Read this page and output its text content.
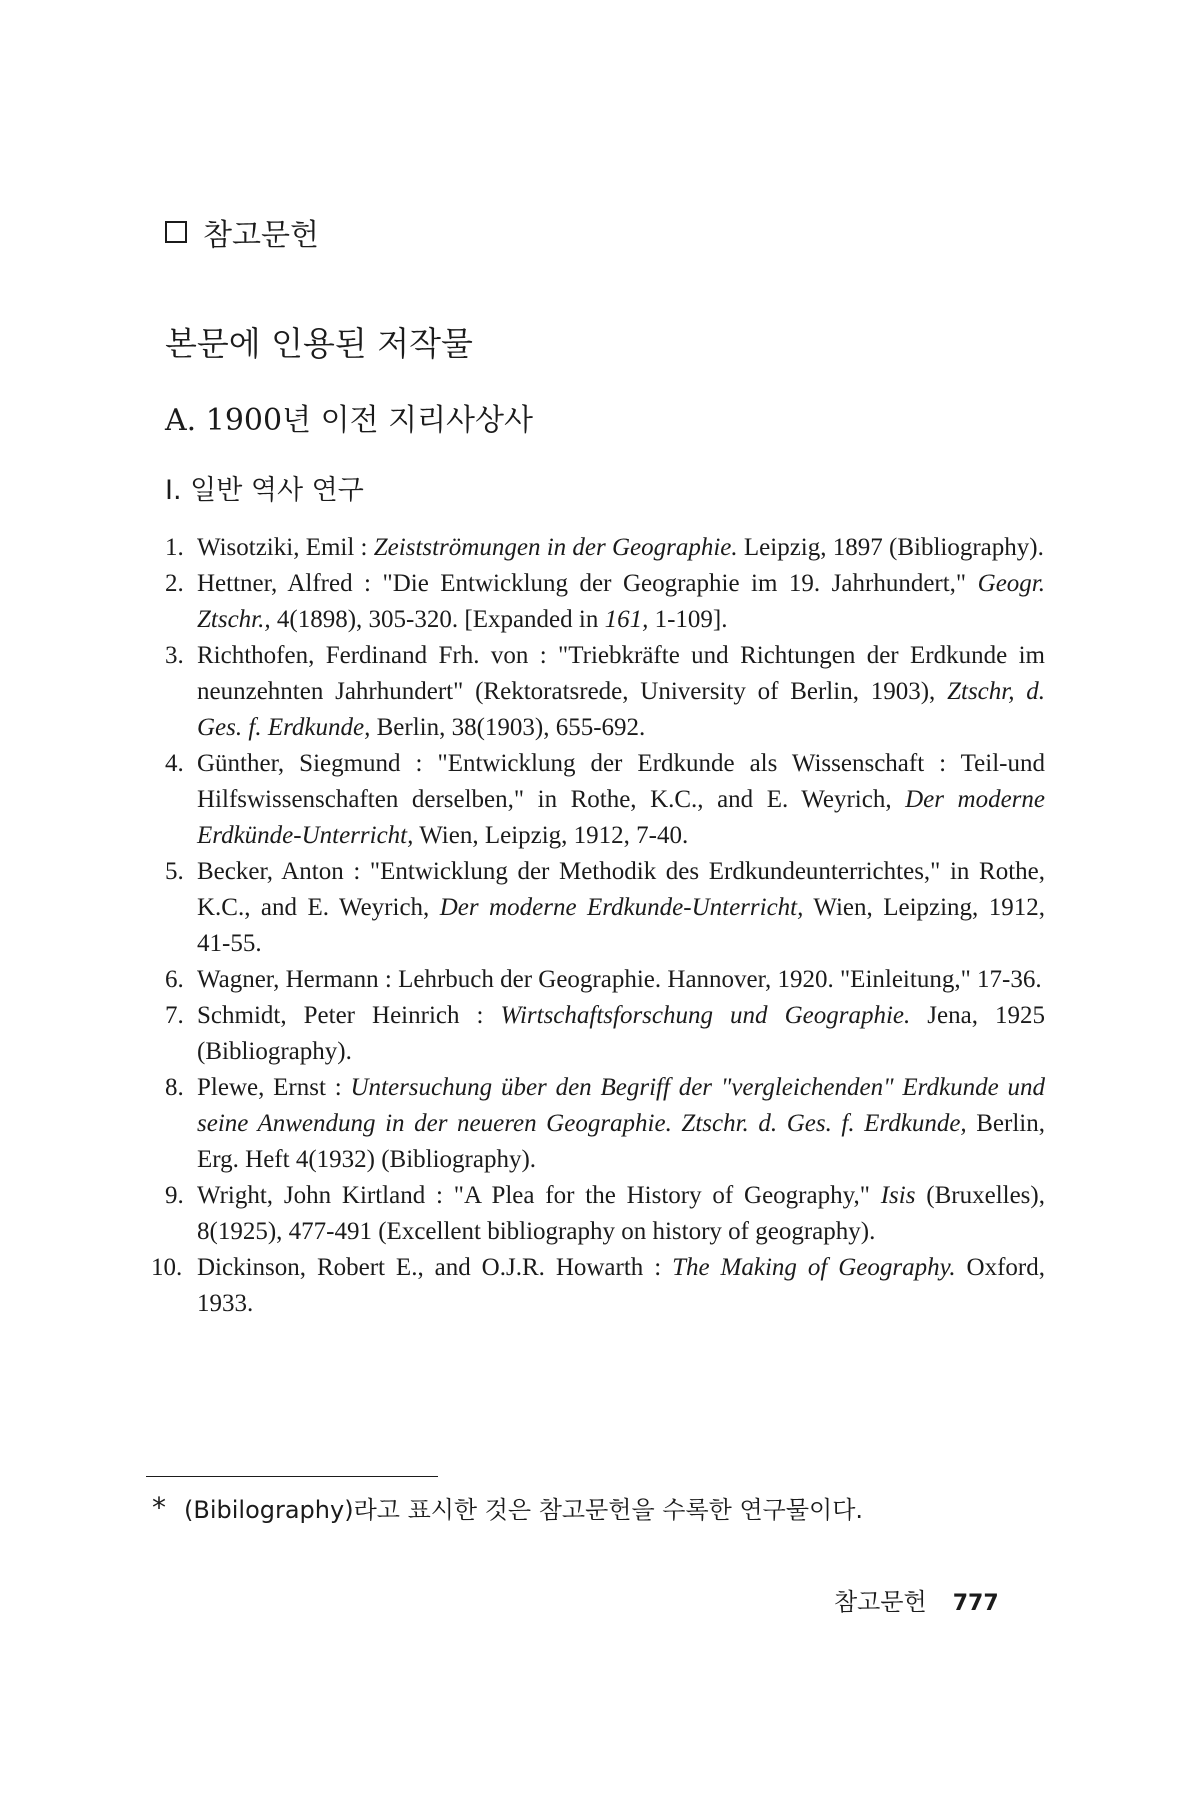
참고문헌
본문에 인용된 저작물
A. 1900년 이전 지리사상사
I. 일반 역사 연구
1. Wisotziki, Emil : Zeistströmungen in der Geographie. Leipzig, 1897 (Bibliography).
2. Hettner, Alfred : "Die Entwicklung der Geographie im 19. Jahrhundert," Geogr. Ztschr., 4(1898), 305-320. [Expanded in 161, 1-109].
3. Richthofen, Ferdinand Frh. von : "Triebkräfte und Richtungen der Erdkunde im neunzehnten Jahrhundert" (Rektoratsrede, University of Berlin, 1903), Ztschr, d. Ges. f. Erdkunde, Berlin, 38(1903), 655-692.
4. Günther, Siegmund : "Entwicklung der Erdkunde als Wissenschaft : Teil-und Hilfswissenschaften derselben," in Rothe, K.C., and E. Weyrich, Der moderne Erdkünde-Unterricht, Wien, Leipzig, 1912, 7-40.
5. Becker, Anton : "Entwicklung der Methodik des Erdkundeunterrichtes," in Rothe, K.C., and E. Weyrich, Der moderne Erdkunde-Unterricht, Wien, Leipzing, 1912, 41-55.
6. Wagner, Hermann : Lehrbuch der Geographie. Hannover, 1920. "Einleitung," 17-36.
7. Schmidt, Peter Heinrich : Wirtschaftsforschung und Geographie. Jena, 1925 (Bibliography).
8. Plewe, Ernst : Untersuchung über den Begriff der "vergleichenden" Erdkunde und seine Anwendung in der neueren Geographie. Ztschr. d. Ges. f. Erdkunde, Berlin, Erg. Heft 4(1932) (Bibliography).
9. Wright, John Kirtland : "A Plea for the History of Geography," Isis (Bruxelles), 8(1925), 477-491 (Excellent bibliography on history of geography).
10. Dickinson, Robert E., and O.J.R. Howarth : The Making of Geography. Oxford, 1933.
* (Bibilography)라고 표시한 것은 참고문헌을 수록한 연구물이다.
참고문헌 777
